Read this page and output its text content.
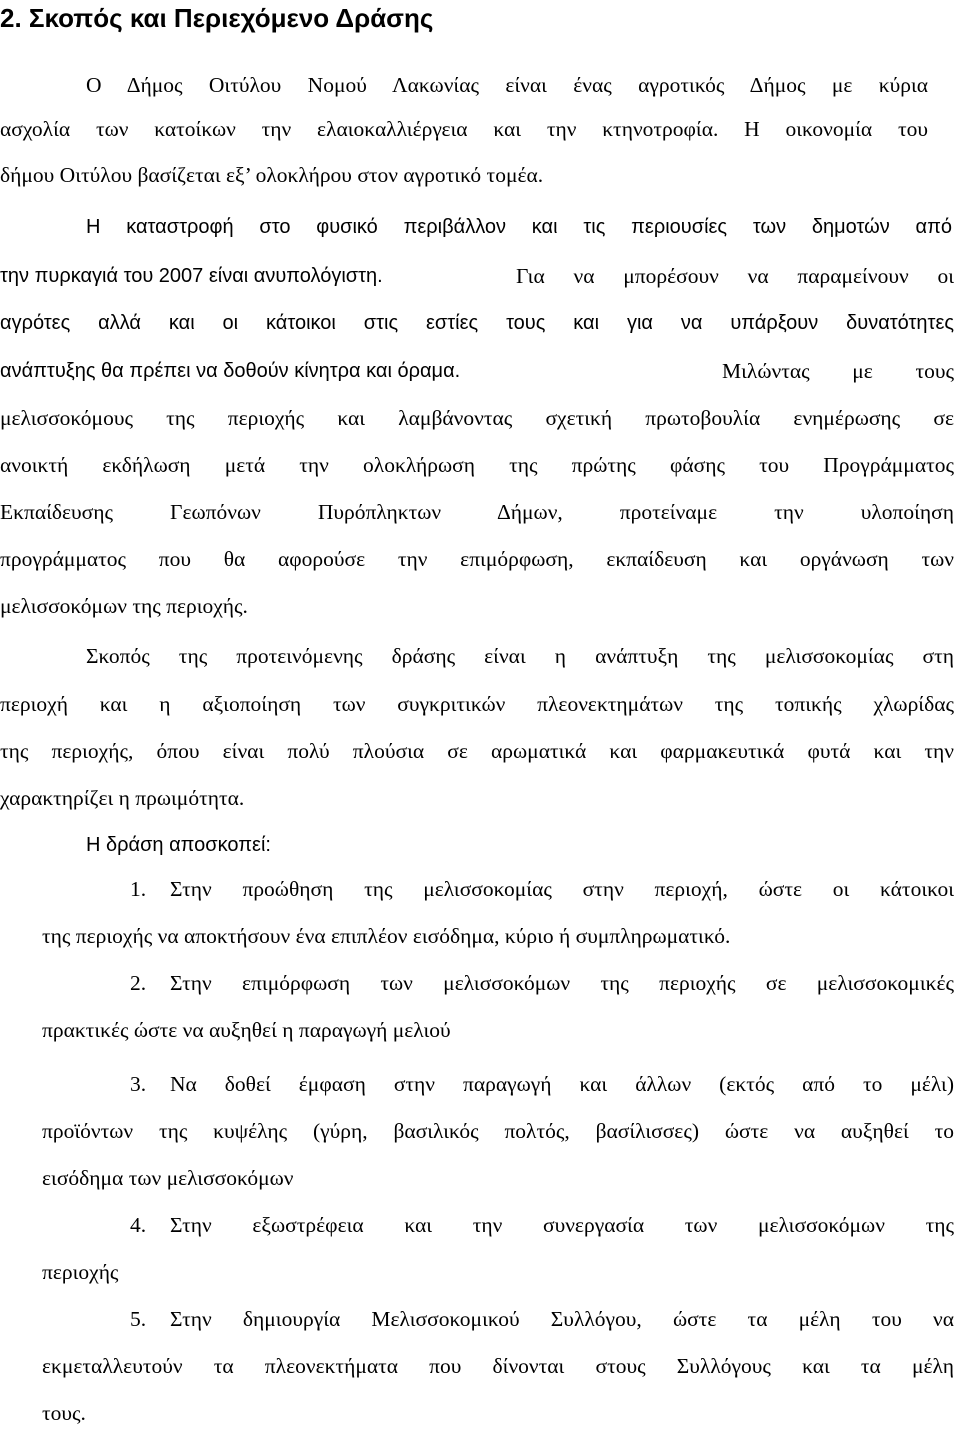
2. Σκοπός και Περιεχόμενο Δράσης
Ο Δήμος Οιτύλου Νομού Λακωνίας είναι ένας αγροτικός Δήμος με κύρια
ασχολία των κατοίκων την ελαιοκαλλιέργεια και την κτηνοτροφία. Η οικονομία του
δήμου Οιτύλου βασίζεται εξ’ ολοκλήρου στον αγροτικό τομέα.
Η καταστροφή στο φυσικό περιβάλλον και τις περιουσίες των δημοτών από
την πυρκαγιά του 2007 είναι ανυπολόγιστη.	Για να μπορέσουν να παραμείνουν οι
αγρότες αλλά και οι κάτοικοι στις εστίες τους και για να υπάρξουν δυνατότητες
ανάπτυξης θα πρέπει να δοθούν κίνητρα και όραμα.	Μιλώντας με τους
μελισσοκόμους της περιοχής και λαμβάνοντας σχετική πρωτοβουλία ενημέρωσης σε
ανοικτή εκδήλωση μετά την ολοκλήρωση της πρώτης φάσης του Προγράμματος
Εκπαίδευσης Γεωπόνων Πυρόπληκτων Δήμων, προτείναμε την υλοποίηση
προγράμματος που θα αφορούσε την επιμόρφωση, εκπαίδευση και οργάνωση των
μελισσοκόμων της περιοχής.
Σκοπός της προτεινόμενης δράσης είναι η ανάπτυξη της μελισσοκομίας στη
περιοχή και η αξιοποίηση των συγκριτικών πλεονεκτημάτων της τοπικής χλωρίδας
της περιοχής, όπου είναι πολύ πλούσια σε αρωματικά και φαρμακευτικά φυτά και την
χαρακτηρίζει η πρωιμότητα.
Η δράση αποσκοπεί:
1.	Στην προώθηση της μελισσοκομίας στην περιοχή, ώστε οι κάτοικοι
της περιοχής να αποκτήσουν ένα επιπλέον εισόδημα, κύριο ή συμπληρωματικό.
2.	Στην επιμόρφωση των μελισσοκόμων της περιοχής σε μελισσοκομικές
πρακτικές ώστε να αυξηθεί η παραγωγή μελιού
3.	Να δοθεί έμφαση στην παραγωγή και άλλων (εκτός από το μέλι)
προϊόντων της κυψέλης (γύρη, βασιλικός πολτός, βασίλισσες) ώστε να αυξηθεί το
εισόδημα των μελισσοκόμων
4.	Στην εξωστρέφεια και την συνεργασία των μελισσοκόμων της
περιοχής
5.	Στην δημιουργία Μελισσοκομικού Συλλόγου, ώστε τα μέλη του να
εκμεταλλευτούν τα πλεονεκτήματα που δίνονται στους Συλλόγους και τα μέλη
τους.
